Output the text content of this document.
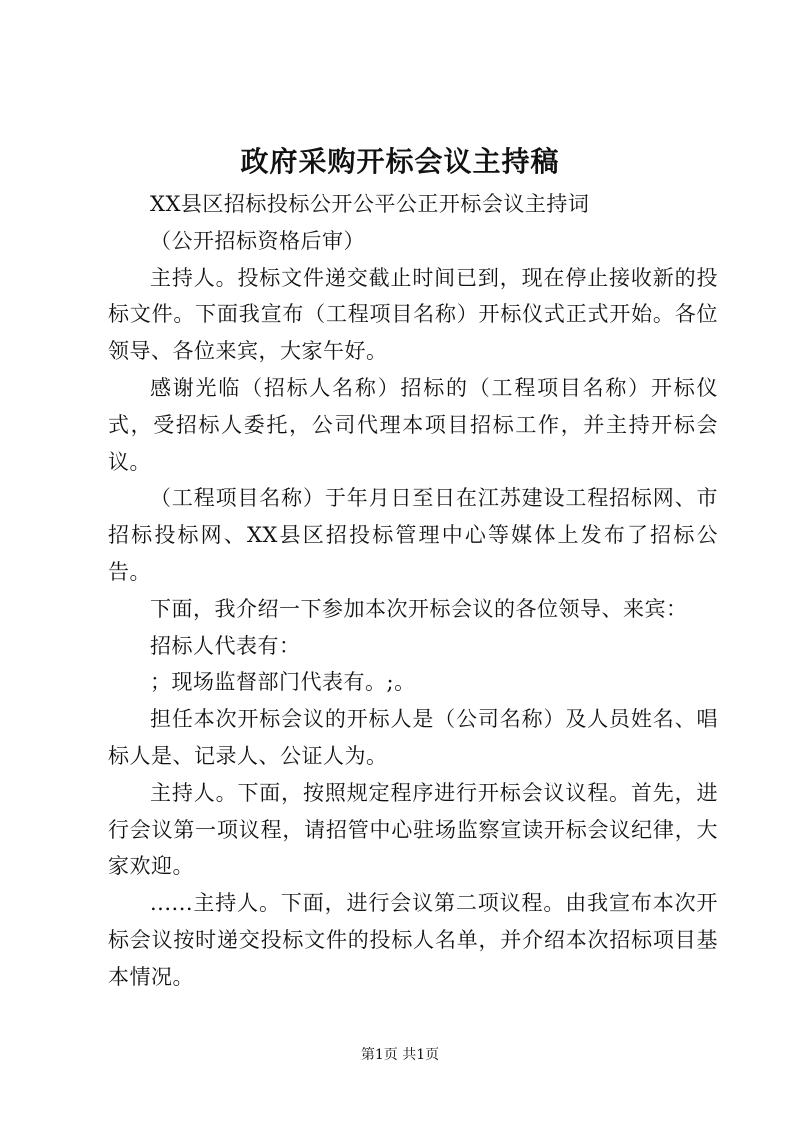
政府采购开标会议主持稿

XX县区招标投标公开公平公正开标会议主持词

（公开招标资格后审）

主持人。投标文件递交截止时间已到，现在停止接收新的投标文件。下面我宣布（工程项目名称）开标仪式正式开始。各位领导、各位来宾，大家午好。

感谢光临（招标人名称）招标的（工程项目名称）开标仪式，受招标人委托，公司代理本项目招标工作，并主持开标会议。

（工程项目名称）于年月日至日在江苏建设工程招标网、市招标投标网、XX县区招投标管理中心等媒体上发布了招标公告。

下面，我介绍一下参加本次开标会议的各位领导、来宾：

招标人代表有：

；现场监督部门代表有。;。

担任本次开标会议的开标人是（公司名称）及人员姓名、唱标人是、记录人、公证人为。

主持人。下面，按照规定程序进行开标会议议程。首先，进行会议第一项议程，请招管中心驻场监察宣读开标会议纪律，大家欢迎。

......主持人。下面，进行会议第二项议程。由我宣布本次开标会议按时递交投标文件的投标人名单，并介绍本次招标项目基本情况。

第1页 共1页
